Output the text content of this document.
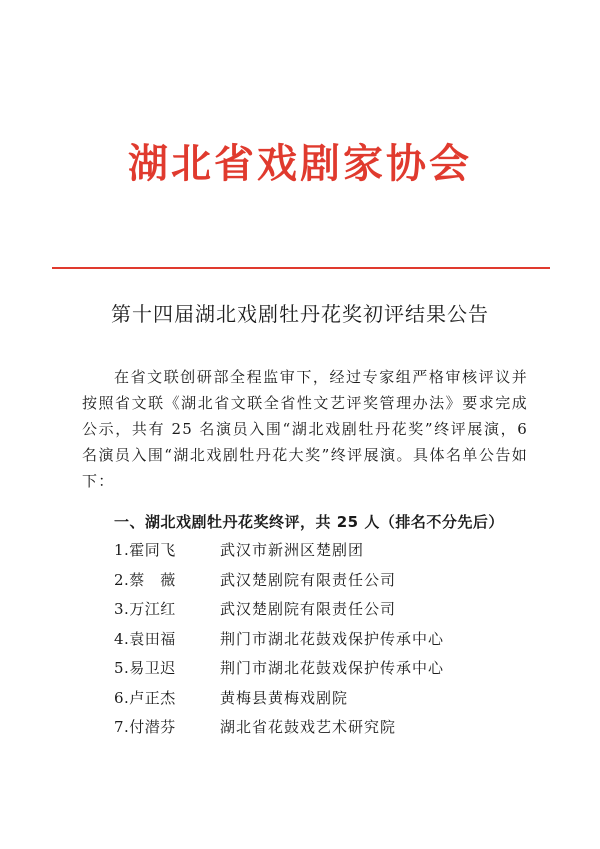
湖北省戏剧家协会
第十四届湖北戏剧牡丹花奖初评结果公告

在省文联创研部全程监审下，经过专家组严格审核评议并按照省文联《湖北省文联全省性文艺评奖管理办法》要求完成公示，共有 25 名演员入围“湖北戏剧牡丹花奖”终评展演，6 名演员入围“湖北戏剧牡丹花大奖”终评展演。具体名单公告如下：

一、湖北戏剧牡丹花奖终评，共 25 人（排名不分先后）
1.霍同飞	武汉市新洲区楚剧团
2.蔡　薇	武汉楚剧院有限责任公司
3.万江红	武汉楚剧院有限责任公司
4.袁田福	荆门市湖北花鼓戏保护传承中心
5.易卫迟	荆门市湖北花鼓戏保护传承中心
6.卢正杰	黄梅县黄梅戏剧院
7.付潜芬	湖北省花鼓戏艺术研究院
